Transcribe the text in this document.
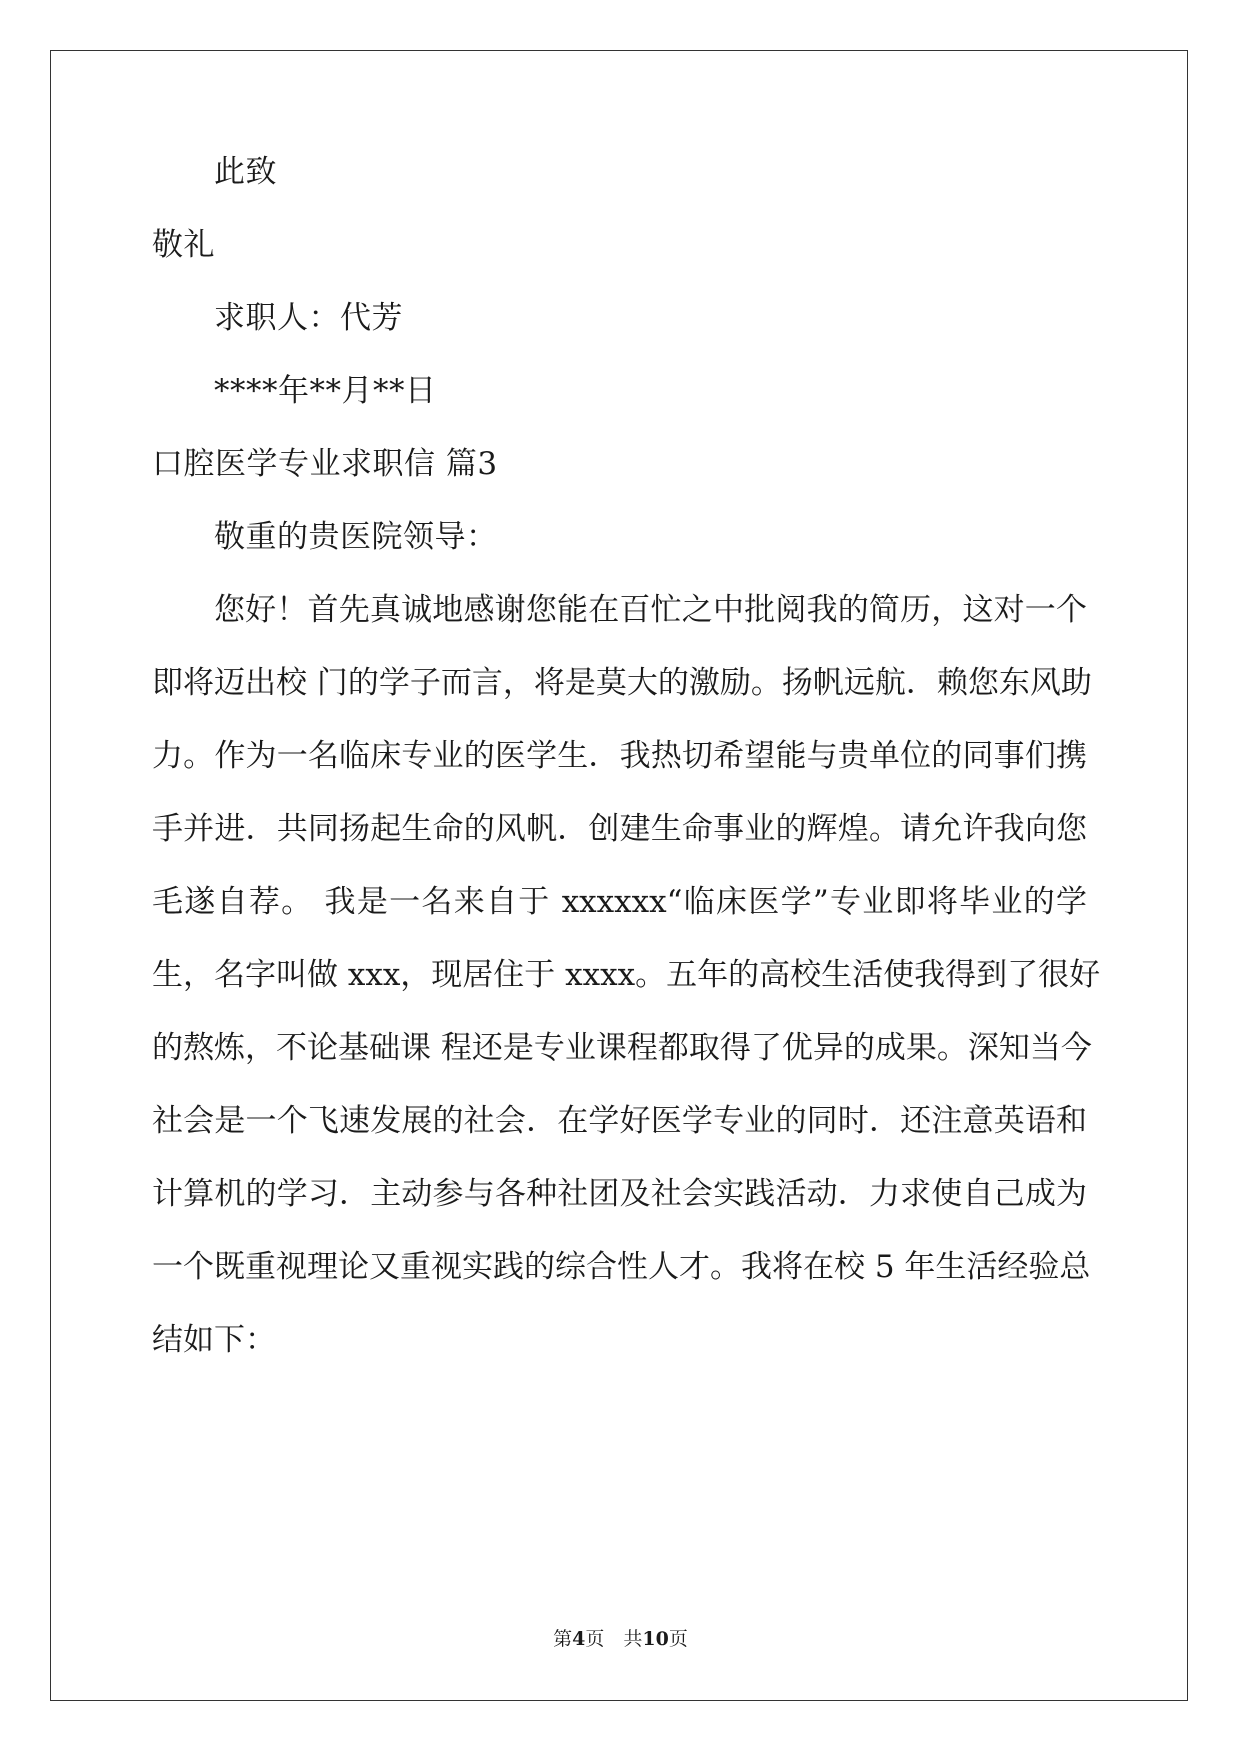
此致
敬礼
求职人：代芳
****年**月**日
口腔医学专业求职信 篇3
敬重的贵医院领导：
您好！首先真诚地感谢您能在百忙之中批阅我的简历，这对一个
即将迈出校 门的学子而言，将是莫大的激励。扬帆远航．赖您东风助
力。作为一名临床专业的医学生．我热切希望能与贵单位的同事们携
手并进．共同扬起生命的风帆．创建生命事业的辉煌。请允许我向您
毛遂自荐。 我是一名来自于 xxxxxx“临床医学”专业即将毕业的学
生，名字叫做 xxx，现居住于 xxxx。五年的高校生活使我得到了很好
的熬炼，不论基础课 程还是专业课程都取得了优异的成果。深知当今
社会是一个飞速发展的社会．在学好医学专业的同时．还注意英语和
计算机的学习．主动参与各种社团及社会实践活动．力求使自己成为
一个既重视理论又重视实践的综合性人才。我将在校 5 年生活经验总
结如下：
第4页　共10页
